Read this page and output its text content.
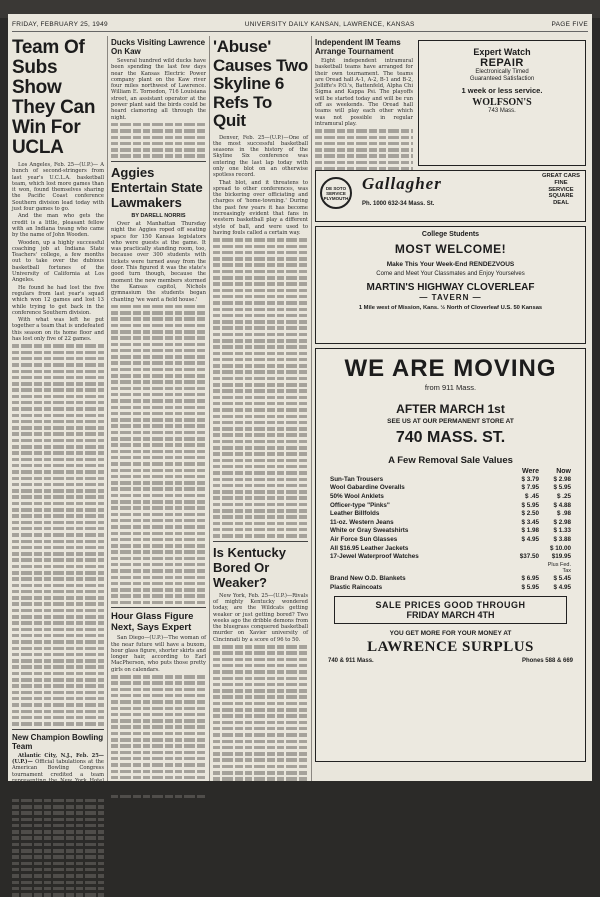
FRIDAY, FEBRUARY 25, 1949	UNIVERSITY DAILY KANSAN, LAWRENCE, KANSAS	PAGE FIVE
Team Of Subs Show They Can Win For UCLA

Los Angeles, Feb. 25—(U.P.)— A bunch of second-stringers from last year's U.C.L.A. basketball team, which lost more games than it won, found themselves sharing the Pacific Coast conference Southern division lead today with just four games to go.

And the man who gets the credit is a little, pleasant fellow with an Indiana twang who came by the name of John Wooden.

Wooden, up a highly successful coaching job at Indiana State Teachers' college, a few months out to take over the dubious basketball fortunes of the University of California at Los Angeles.

He found he had lost the five regulars from last year's squad which won 12 games and lost 13 while trying to get back in the conference Southern division.

With what was left he put together a team that is undefeated this season on its home floor and has lost only five of 22 games.

New Champion Bowling Team

Atlantic City, N.J., Feb. 25—(U.P.)— Official tabulations at the American Bowling Congress tournament credited a team

Ducks Visiting Lawrence On Kaw

Several hundred wild ducks have been spending the last few days near the Kansas Electric Power company plant on the Kaw river four miles northwest of Lawrence. William E. Tornedon, 716 Louisiana street, an assistant operator at the power plant said the birds could be heard clamoring all through the night.

Aggies Entertain State Lawmakers
BY DARELL NORRIS

Over at Manhattan Thursday night the Aggies roped off seating space for 150 Kansas legislators who were guests at the game. It was practically standing room, too, because over 300 students with tickets were turned away from the door. This figured it was the state's good turn though, because the moment the new members stormed the Kansas capitol, Nichols gymnasium the students began chanting 'we want a field house.'

Hour Glass Figure Next, Says Expert

San Diego—(U.P.)—The woman of the near future will have a buxom, hour glass figure, shorter skirts and longer hair, according to Earl MacPherson, who puts those pretty girls on calendars.

'Abuse' Causes Two Skyline 6 Refs To Quit

Denver, Feb. 25—(U.P.)—One of the most successful basketball seasons in the history of the Skyline Six conference was entering the last lap today with only one blot on an otherwise spotless record.

That blot, and it threatens to spread to other conferences, was the bickering over officiating and charges of 'home-towning.' During the past few years it has become increasingly evident that fans in western basketball play a different style of ball, and were used to having fouls called a certain way.

Is Kentucky Bored Or Weaker?

New York, Feb. 25—(U.P.)—Rivals of mighty Kentucky wondered today, are the Wildcats getting weaker or just getting bored? Two weeks ago the dribble demons from the bluegrass conquered basketball murder on Xavier university of Cincinnati by a score of 96 to 50.

Independent IM Teams Arrange Tournament

Eight independent intramural basketball teams have arranged for their own tournament. The teams are Oread hall A-1, A-2, B-1 and B-2, Jolliffe's P.O.'s, Battenfeld, Alpha Chi Sigma and Kappa Psi. The playoffs will be started today and will be run off as weekends. The Oread hall teams will play each other which was not possible in regular intramural play.

Expert Watch
REPAIR
Electronically Timed
Guaranteed Satisfaction
1 week or less service.
WOLFSON'S
743 Mass.
DE SOTO SERVICE PLYMOUTH
Gallagher
Ph. 1000 632-34 Mass. St.
GREAT CARS
FINE SERVICE
SQUARE DEAL
College Students
MOST WELCOME!
Make This Your Week-End RENDEZVOUS
Come and Meet Your Classmates and Enjoy Yourselves
MARTIN'S HIGHWAY CLOVERLEAF
— TAVERN —
1 Mile west of Mission, Kans. ½ North of Cloverleaf U.S. 50 Kansas
WE ARE MOVING
from 911 Mass.
AFTER MARCH 1st
SEE US AT OUR PERMANENT STORE AT
740 MASS. ST.
A Few Removal Sale Values
	Were	Now
Sun-Tan Trousers	$ 3.79	$ 2.98
Wool Gabardine Overalls	$ 7.95	$ 5.95
50% Wool Anklets	$ .45	$ .25
Officer-type "Pinks"	$ 5.95	$ 4.88
Leather Billfolds	$ 2.50	$ .98
11-oz. Western Jeans	$ 3.45	$ 2.98
White or Gray Sweatshirts	$ 1.98	$ 1.33
Air Force Sun Glasses	$ 4.95	$ 3.88
All $16.95 Leather Jackets		$ 10.00
17-Jewel Waterproof Watches	$37.50	$19.95
		Plus Fed. Tax
Brand New O.D. Blankets	$ 6.95	$ 5.45
Plastic Raincoats	$ 5.95	$ 4.95
SALE PRICES GOOD THROUGH
FRIDAY MARCH 4TH
YOU GET MORE FOR YOUR MONEY AT
LAWRENCE SURPLUS
740 & 911 Mass.	Phones 588 & 669
